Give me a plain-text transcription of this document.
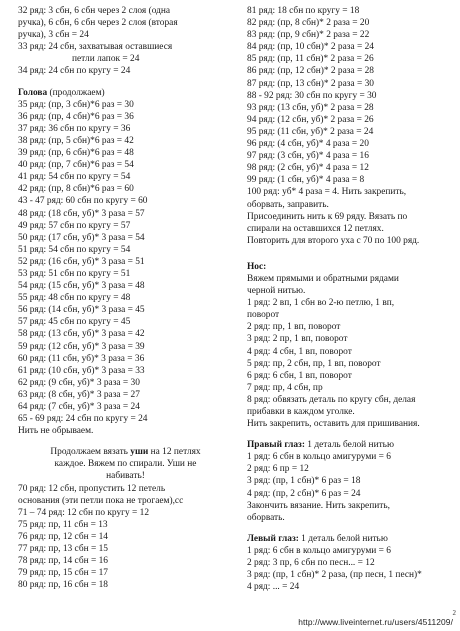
32 ряд: 3 сбн, 6 сбн через 2 слоя (одна
ручка), 6 сбн, 6 сбн через 2 слоя (вторая
ручка), 3 сбн = 24
33 ряд: 24 сбн, захватывая оставшиеся
петли лапок = 24
34 ряд: 24 сбн по кругу = 24
Голова (продолжаем)
35 ряд: (пр, 3 сбн)*6 раз = 30
36 ряд: (пр, 4 сбн)*6 раз = 36
37 ряд: 36 сбн по кругу = 36
38 ряд: (пр, 5 сбн)*6 раз = 42
39 ряд: (пр, 6 сбн)*6 раз = 48
40 ряд: (пр, 7 сбн)*6 раз = 54
41 ряд: 54 сбн по кругу = 54
42 ряд: (пр, 8 сбн)*6 раз = 60
43 - 47 ряд: 60 сбн по кругу = 60
48 ряд: (18 сбн, уб)* 3 раза = 57
49 ряд: 57 сбн по кругу = 57
50 ряд: (17 сбн, уб)* 3 раза = 54
51 ряд: 54 сбн по кругу = 54
52 ряд: (16 сбн, уб)* 3 раза = 51
53 ряд: 51 сбн по кругу = 51
54 ряд: (15 сбн, уб)* 3 раза = 48
55 ряд: 48 сбн по кругу = 48
56 ряд: (14 сбн, уб)* 3 раза = 45
57 ряд: 45 сбн по кругу = 45
58 ряд: (13 сбн, уб)* 3 раза = 42
59 ряд: (12 сбн, уб)* 3 раза = 39
60 ряд: (11 сбн, уб)* 3 раза = 36
61 ряд: (10 сбн, уб)* 3 раза = 33
62 ряд: (9 сбн, уб)* 3 раза = 30
63 ряд: (8 сбн, уб)* 3 раза = 27
64 ряд: (7 сбн, уб)* 3 раза = 24
65 - 69 ряд: 24 сбн по кругу = 24
Нить не обрываем.
Продолжаем вязать уши на 12 петлях
каждое. Вяжем по спирали. Уши не
набивать!
70 ряд: 12 сбн, пропустить 12 петель
основания (эти петли пока не трогаем),сс
71 – 74 ряд: 12 сбн по кругу = 12
75 ряд: пр, 11 сбн = 13
76 ряд: пр, 12 сбн = 14
77 ряд: пр, 13 сбн = 15
78 ряд: пр, 14 сбн = 16
79 ряд: пр, 15 сбн = 17
80 ряд: пр, 16 сбн = 18
81 ряд: 18 сбн по кругу = 18
82 ряд: (пр, 8 сбн)* 2 раза = 20
83 ряд: (пр, 9 сбн)* 2 раза = 22
84 ряд: (пр, 10 сбн)* 2 раза = 24
85 ряд: (пр, 11 сбн)* 2 раза = 26
86 ряд: (пр, 12 сбн)* 2 раза = 28
87 ряд: (пр, 13 сбн)* 2 раза = 30
88 - 92 ряд: 30 сбн по кругу = 30
93 ряд: (13 сбн, уб)* 2 раза = 28
94 ряд: (12 сбн, уб)* 2 раза = 26
95 ряд: (11 сбн, уб)* 2 раза = 24
96 ряд: (4 сбн, уб)* 4 раза = 20
97 ряд: (3 сбн, уб)* 4 раза = 16
98 ряд: (2 сбн, уб)* 4 раза = 12
99 ряд: (1 сбн, уб)* 4 раза = 8
100 ряд: уб* 4 раза = 4. Нить закрепить,
оборвать, заправить.
Присоединить нить к 69 ряду. Вязать по
спирали на оставшихся 12 петлях.
Повторить для второго уха с 70 по 100 ряд.
Нос:
Вяжем прямыми и обратными рядами
черной нитью.
1 ряд: 2 вп, 1 сбн во 2-ю петлю, 1 вп,
поворот
2 ряд: пр, 1 вп, поворот
3 ряд: 2 пр, 1 вп, поворот
4 ряд: 4 сбн, 1 вп, поворот
5 ряд: пр, 2 сбн, пр, 1 вп, поворот
6 ряд: 6 сбн, 1 вп, поворот
7 ряд: пр, 4 сбн, пр
8 ряд: обвязать деталь по кругу сбн, делая
прибавки в каждом уголке.
Нить закрепить, оставить для пришивания.
Правый глаз: 1 деталь белой нитью
1 ряд: 6 сбн в кольцо амигуруми = 6
2 ряд: 6 пр = 12
3 ряд: (пр, 1 сбн)* 6 раз = 18
4 ряд: (пр, 2 сбн)* 6 раз = 24
Закончить вязание. Нить закрепить,
оборвать.
Левый глаз: 1 деталь белой нитью
1 ряд: 6 сбн в кольцо амигуруми = 6
2 ряд: 3 пр, 6 сбн по песн... = 12
3 ряд: (пр, 1 сбн)* 2 раза, (пр песн, 1 песн)*
4 ряд: ... = 24
http://www.liveinternet.ru/users/4511209/
2
